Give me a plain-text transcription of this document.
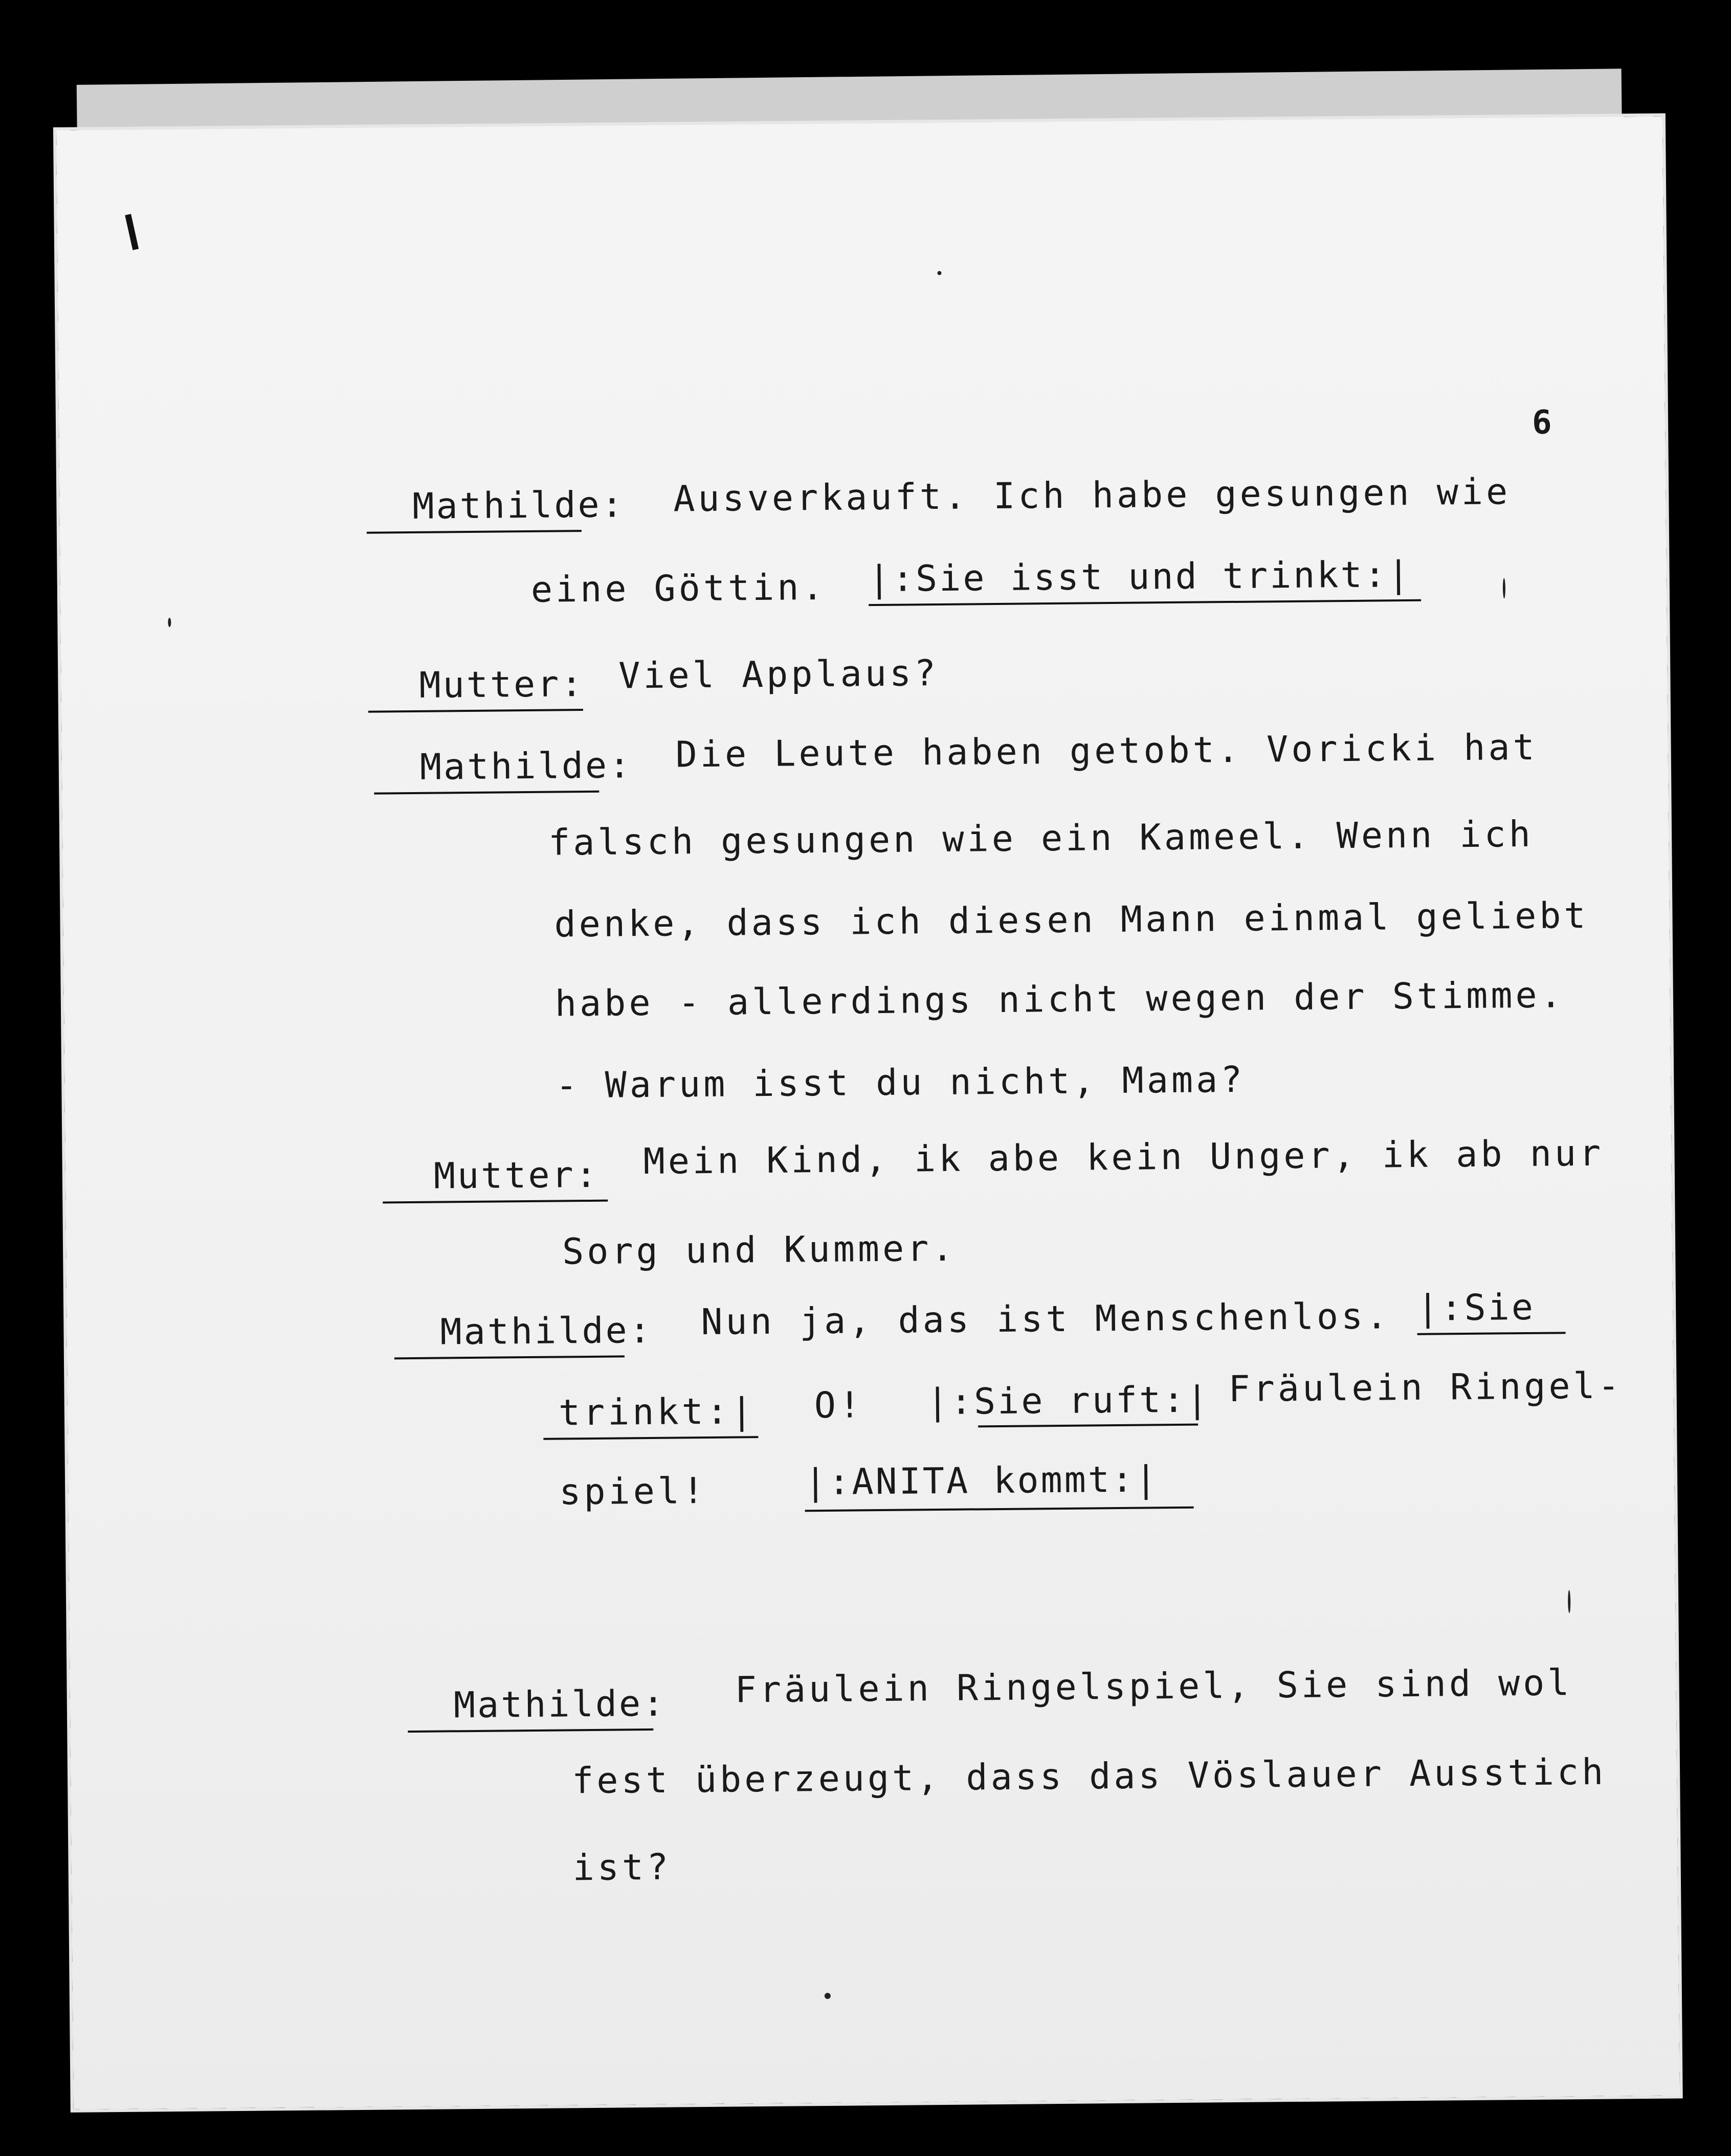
6
Mathilde: Ausverkauft. Ich habe gesungen wie
eine Göttin. |:Sie isst und trinkt:|
Mutter: Viel Applaus?
Mathilde: Die Leute haben getobt. Voricki hat
falsch gesungen wie ein Kameel. Wenn ich
denke, dass ich diesen Mann einmal geliebt
habe - allerdings nicht wegen der Stimme.
- Warum isst du nicht, Mama?
Mutter: Mein Kind, ik abe kein Unger, ik ab nur
Sorg und Kummer.
Mathilde: Nun ja, das ist Menschenlos. |:Sie
trinkt:| O! |:Sie ruft:| Fräulein Ringel-
spiel!	|:ANITA kommt:|
Mathilde: Fräulein Ringelspiel, Sie sind wol
fest überzeugt, dass das Vöslauer Ausstich
ist?
